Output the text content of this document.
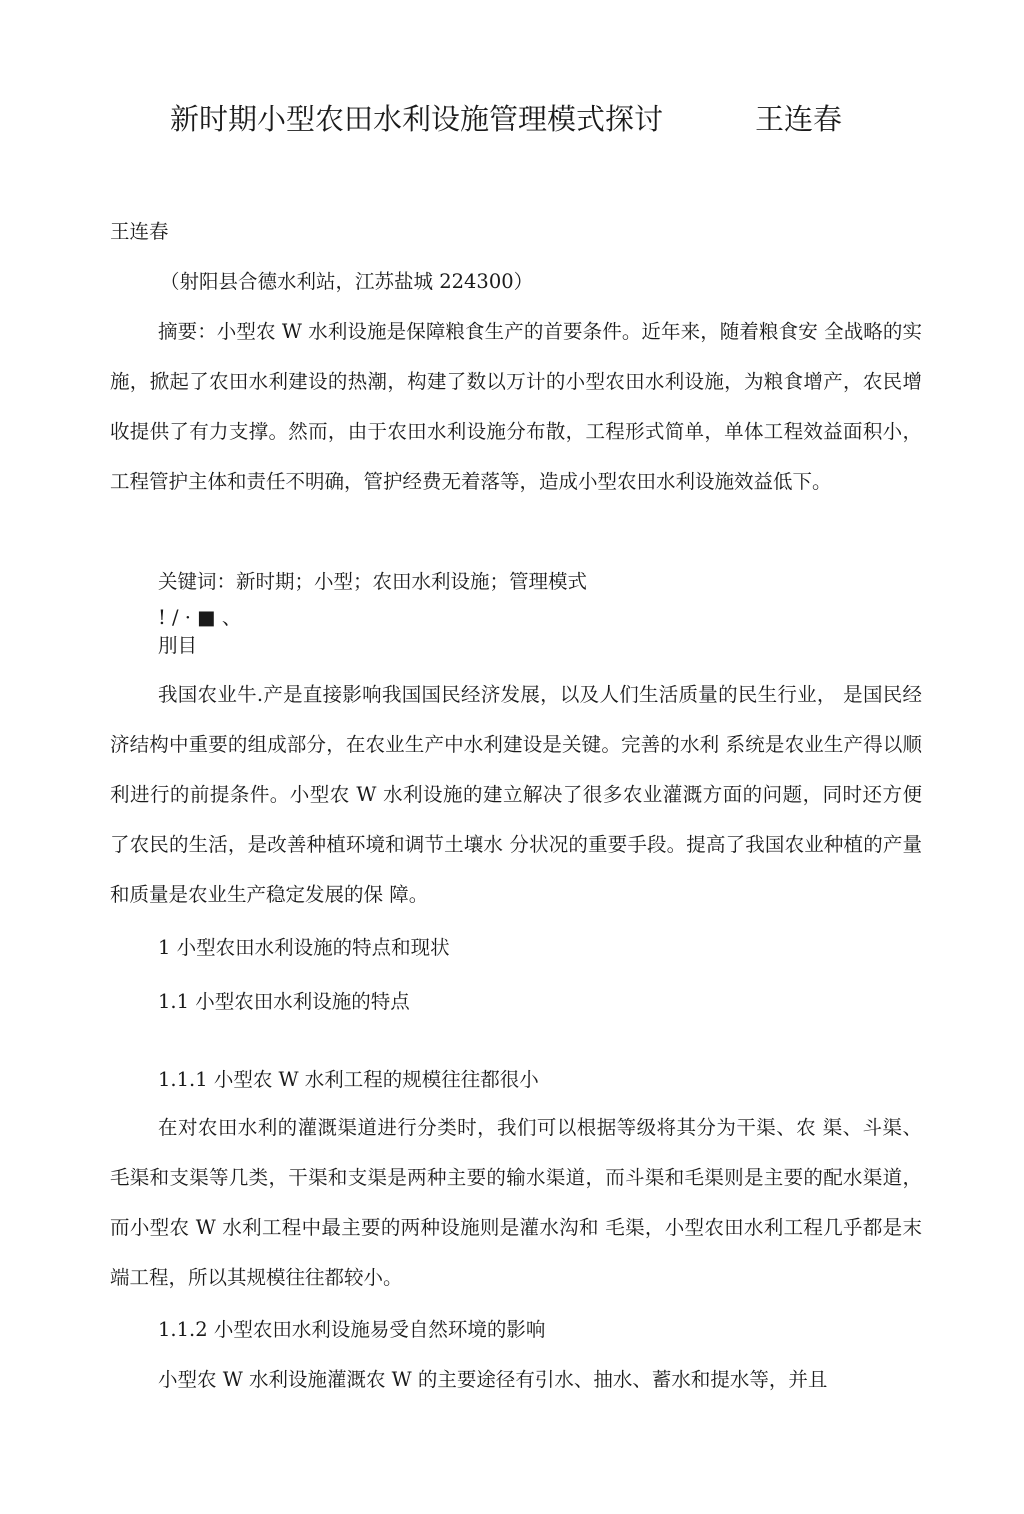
新时期小型农田水利设施管理模式探讨	王连春
王连春
（射阳县合德水利站，江苏盐城 224300）
摘要：小型农 W 水利设施是保障粮食生产的首要条件。近年来，随着粮食安 全战略的实施，掀起了农田水利建设的热潮，构建了数以万计的小型农田水利设施，为粮食增产，农民增收提供了有力支撑。然而，由于农田水利设施分布散，工程形式简单，单体工程效益面积小，工程管护主体和责任不明确，管护经费无着落等，造成小型农田水利设施效益低下。
关键词：新时期；小型；农田水利设施；管理模式
! / · ■ 、
刖目
我国农业牛.产是直接影响我国国民经济发展，以及人们生活质量的民生行业， 是国民经济结构中重要的组成部分，在农业生产中水利建设是关键。完善的水利 系统是农业生产得以顺利进行的前提条件。小型农 W 水利设施的建立解决了很多农业灌溉方面的问题，同时还方便了农民的生活，是改善种植环境和调节土壤水 分状况的重要手段。提高了我国农业种植的产量和质量是农业生产稳定发展的保 障。
1 小型农田水利设施的特点和现状
1.1 小型农田水利设施的特点
1.1.1 小型农 W 水利工程的规模往往都很小
在对农田水利的灌溉渠道进行分类时，我们可以根据等级将其分为干渠、农 渠、斗渠、毛渠和支渠等几类，干渠和支渠是两种主要的输水渠道，而斗渠和毛渠则是主要的配水渠道，而小型农 W 水利工程中最主要的两种设施则是灌水沟和 毛渠，小型农田水利工程几乎都是末端工程，所以其规模往往都较小。
1.1.2 小型农田水利设施易受自然环境的影响
小型农 W 水利设施灌溉农 W 的主要途径有引水、抽水、蓄水和提水等，并且
